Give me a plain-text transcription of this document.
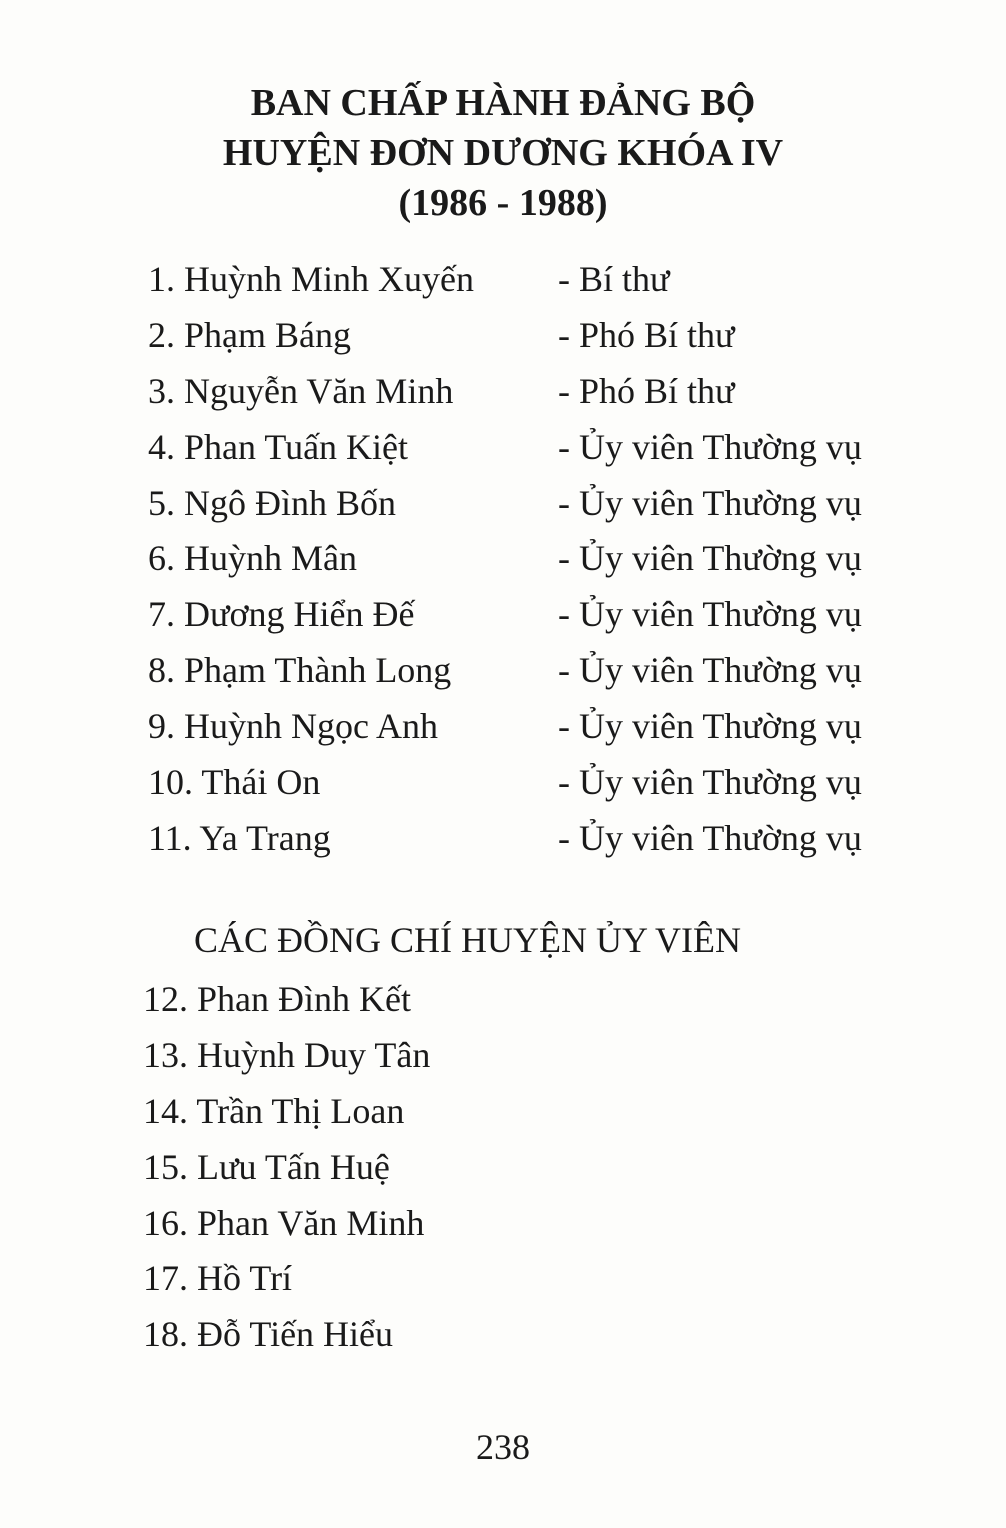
BAN CHẤP HÀNH ĐẢNG BỘ
HUYỆN ĐƠN DƯƠNG KHÓA IV
(1986 - 1988)
1. Huỳnh Minh Xuyến - Bí thư
2. Phạm Báng	- Phó Bí thư
3. Nguyễn Văn Minh	- Phó Bí thư
4. Phan Tuấn Kiệt	- Ủy viên Thường vụ
5. Ngô Đình Bốn	- Ủy viên Thường vụ
6. Huỳnh Mân	- Ủy viên Thường vụ
7. Dương Hiển Đế	- Ủy viên Thường vụ
8. Phạm Thành Long	- Ủy viên Thường vụ
9. Huỳnh Ngọc Anh	- Ủy viên Thường vụ
10. Thái On	- Ủy viên Thường vụ
11. Ya Trang	- Ủy viên Thường vụ
CÁC ĐỒNG CHÍ HUYỆN ỦY VIÊN
12. Phan Đình Kết
13. Huỳnh Duy Tân
14. Trần Thị Loan
15. Lưu Tấn Huệ
16. Phan Văn Minh
17. Hồ Trí
18. Đỗ Tiến Hiểu
238
